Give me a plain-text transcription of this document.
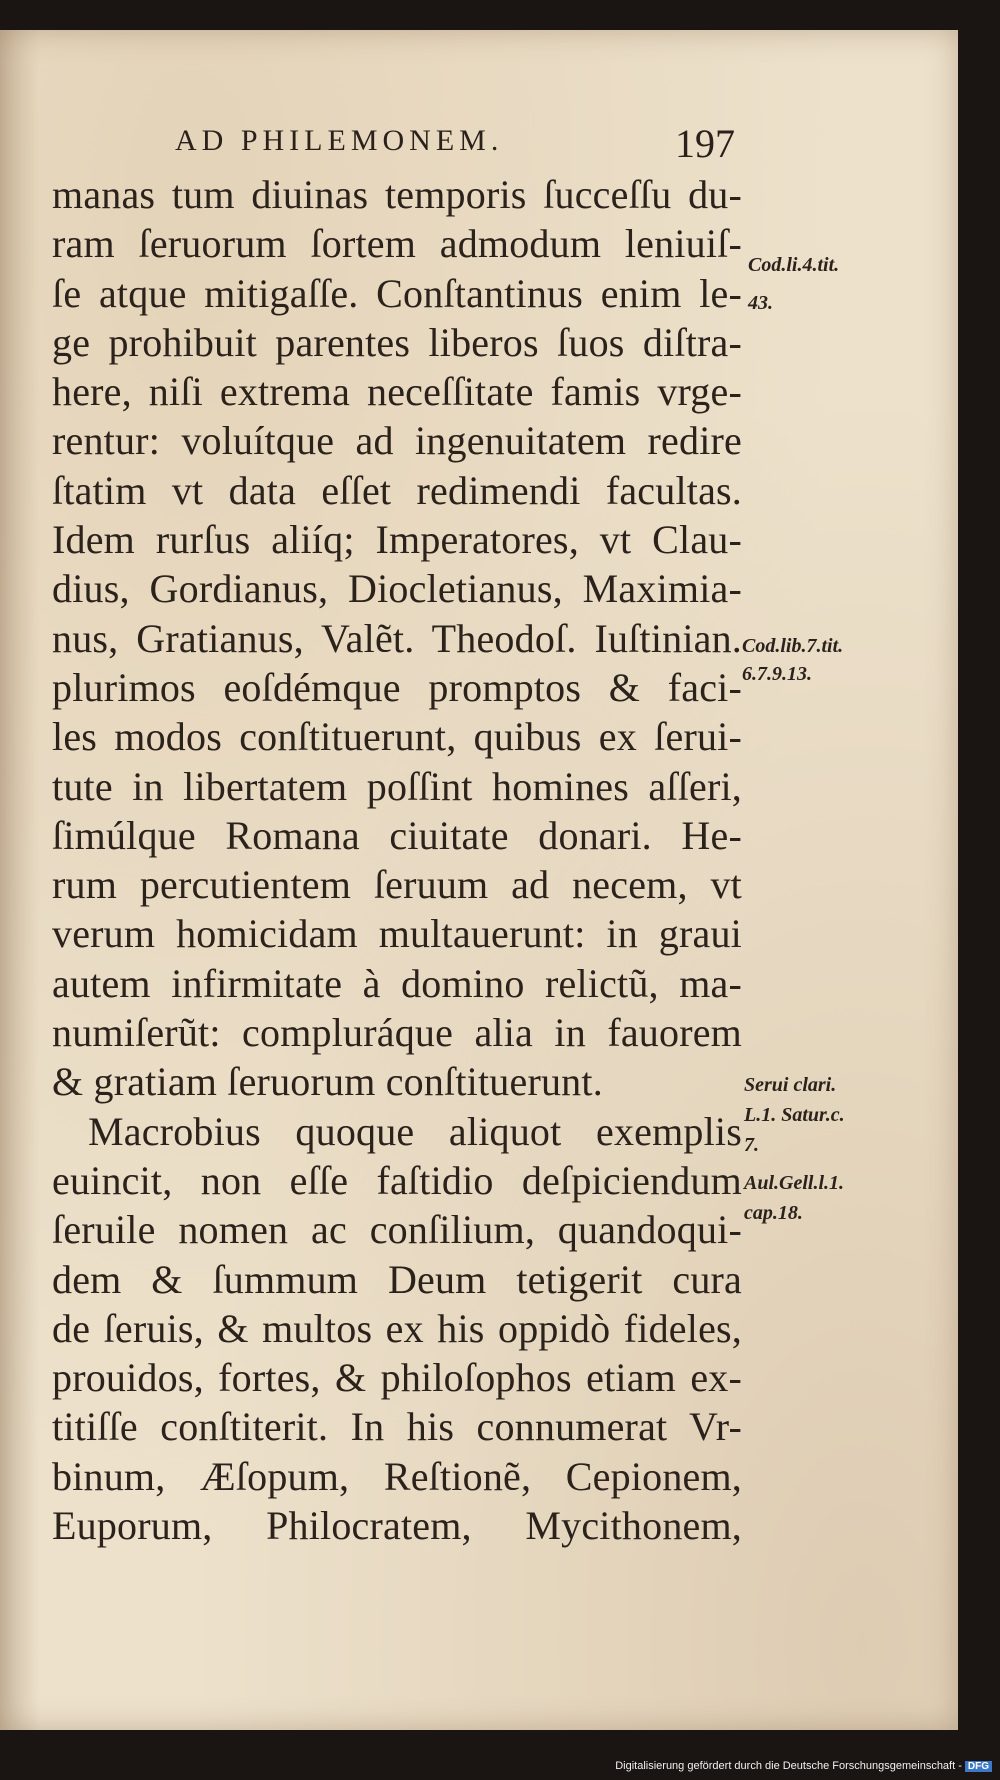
AD PHILEMONEM.	197
manas tum diuinas temporis ſucceſſu du-
ram ſeruorum ſortem admodum leniuiſ-
ſe atque mitigaſſe. Conſtantinus enim le-
ge prohibuit parentes liberos ſuos diſtra-
here, niſi extrema neceſſitate famis vrge-
rentur: voluítque ad ingenuitatem redire
ſtatim vt data eſſet redimendi facultas.
Idem rurſus aliíq; Imperatores, vt Clau-
dius, Gordianus, Diocletianus, Maximia-
nus, Gratianus, Valẽt. Theodoſ. Iuſtinian.
plurimos eoſdémque promptos & faci-
les modos conſtituerunt, quibus ex ſerui-
tute in libertatem poſſint homines aſſeri,
ſimúlque Romana ciuitate donari. He-
rum percutientem ſeruum ad necem, vt
verum homicidam multauerunt: in graui
autem infirmitate à domino relictũ, ma-
numiſerũt: compluráque alia in fauorem
& gratiam ſeruorum conſtituerunt.
Macrobius quoque aliquot exemplis
euincit, non eſſe faſtidio deſpiciendum
ſeruile nomen ac conſilium, quandoqui-
dem & ſummum Deum tetigerit cura
de ſeruis, & multos ex his oppidò fideles,
prouidos, fortes, & philoſophos etiam ex-
titiſſe conſtiterit. In his connumerat Vr-
binum, Æſopum, Reſtionẽ, Cepionem,
Euporum, Philocratem, Mycithonem,
Cod.li.4.tit.
43.
Cod.lib.7.tit.
6.7.9.13.
Serui clari.
L.1. Satur.c.
7.
Aul.Gell.l.1.
cap.18.
Digitalisierung gefördert durch die Deutsche Forschungsgemeinschaft - DFG
